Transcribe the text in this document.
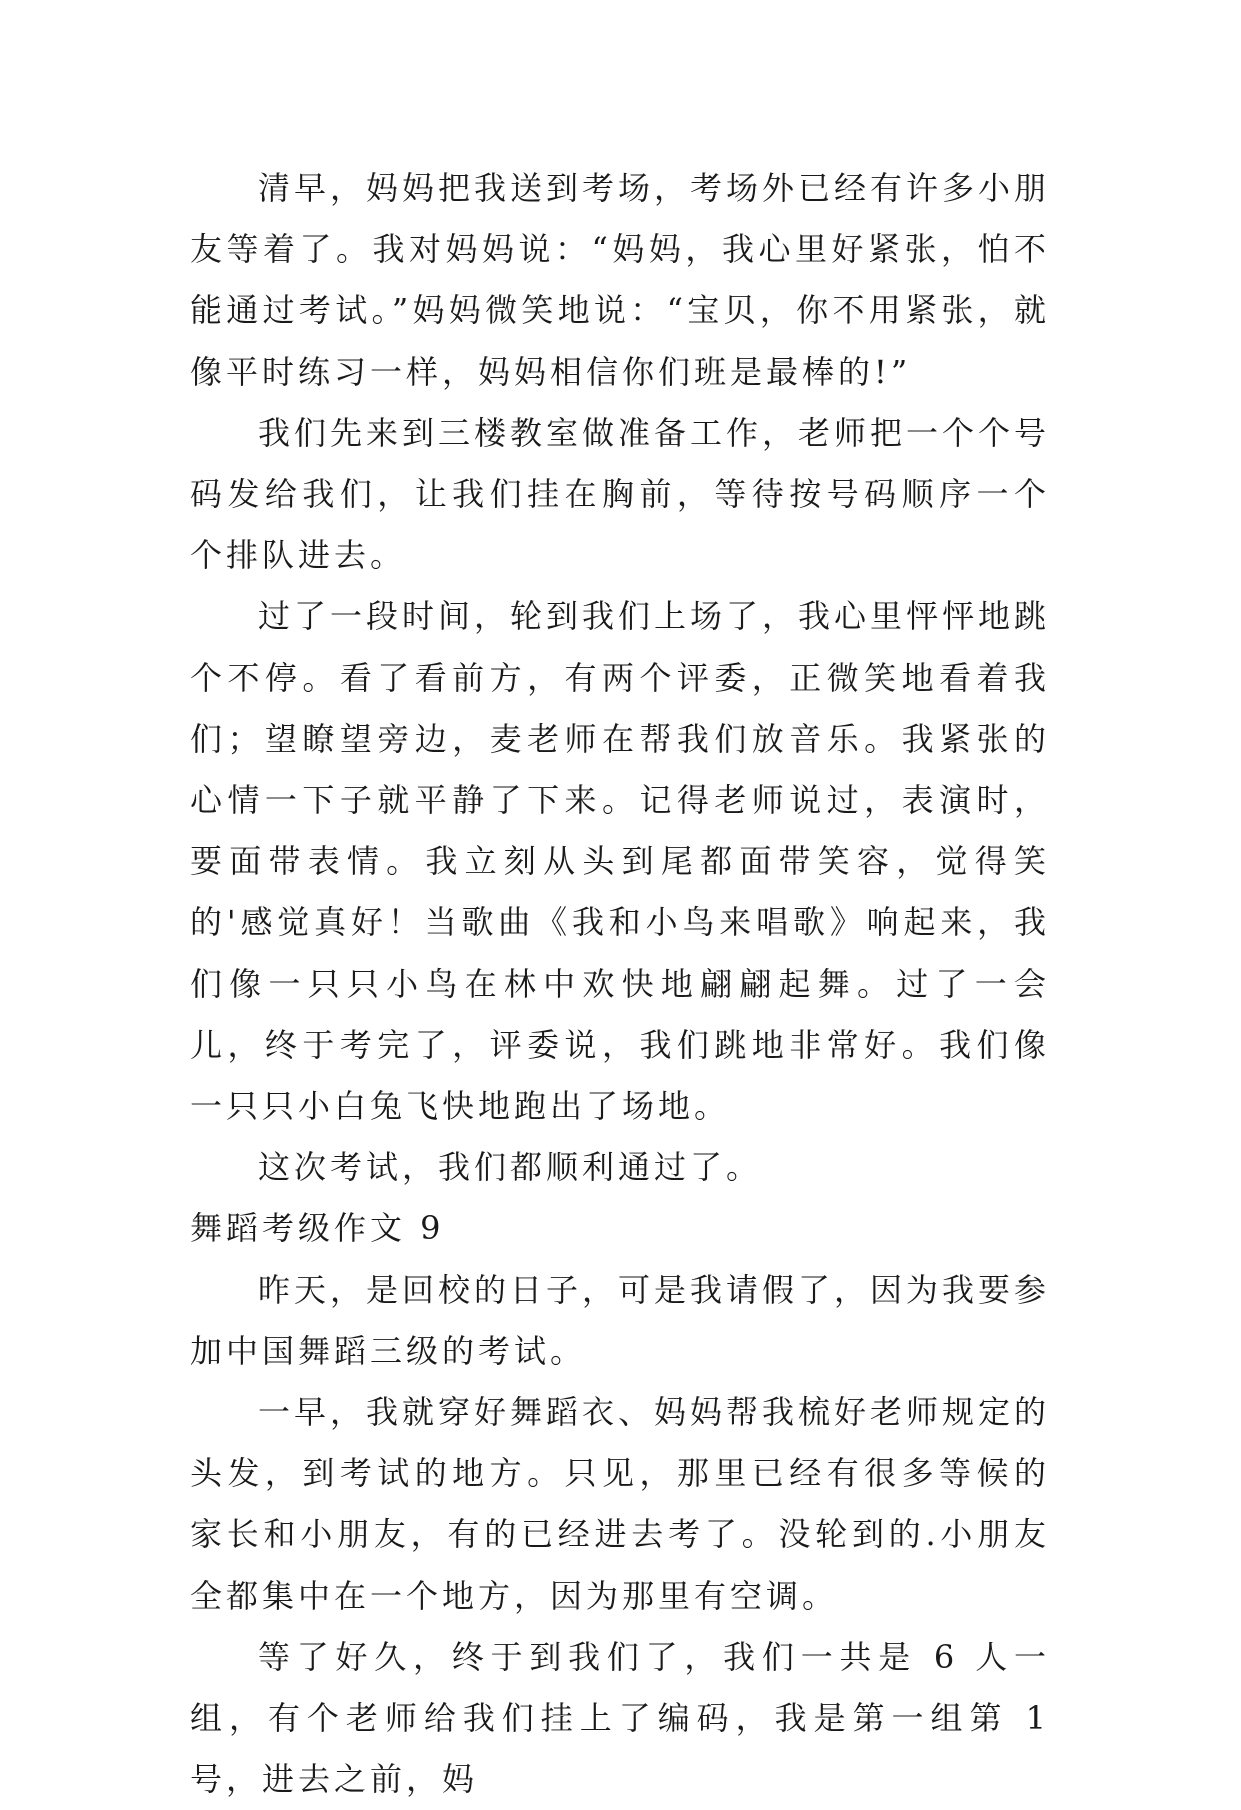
清早，妈妈把我送到考场，考场外已经有许多小朋友等着了。我对妈妈说：“妈妈，我心里好紧张，怕不能通过考试。”妈妈微笑地说：“宝贝，你不用紧张，就像平时练习一样，妈妈相信你们班是最棒的!”

我们先来到三楼教室做准备工作，老师把一个个号码发给我们，让我们挂在胸前，等待按号码顺序一个个排队进去。

过了一段时间，轮到我们上场了，我心里怦怦地跳个不停。看了看前方，有两个评委，正微笑地看着我们；望瞭望旁边，麦老师在帮我们放音乐。我紧张的心情一下子就平静了下来。记得老师说过，表演时，要面带表情。我立刻从头到尾都面带笑容，觉得笑的'感觉真好！当歌曲《我和小鸟来唱歌》响起来，我们像一只只小鸟在林中欢快地翩翩起舞。过了一会儿，终于考完了，评委说，我们跳地非常好。我们像一只只小白兔飞快地跑出了场地。

这次考试，我们都顺利通过了。

舞蹈考级作文 9

昨天，是回校的日子，可是我请假了，因为我要参加中国舞蹈三级的考试。

一早，我就穿好舞蹈衣、妈妈帮我梳好老师规定的头发，到考试的地方。只见，那里已经有很多等候的家长和小朋友，有的已经进去考了。没轮到的.小朋友全都集中在一个地方，因为那里有空调。

等了好久，终于到我们了，我们一共是 6 人一组，有个老师给我们挂上了编码，我是第一组第 1 号，进去之前，妈
